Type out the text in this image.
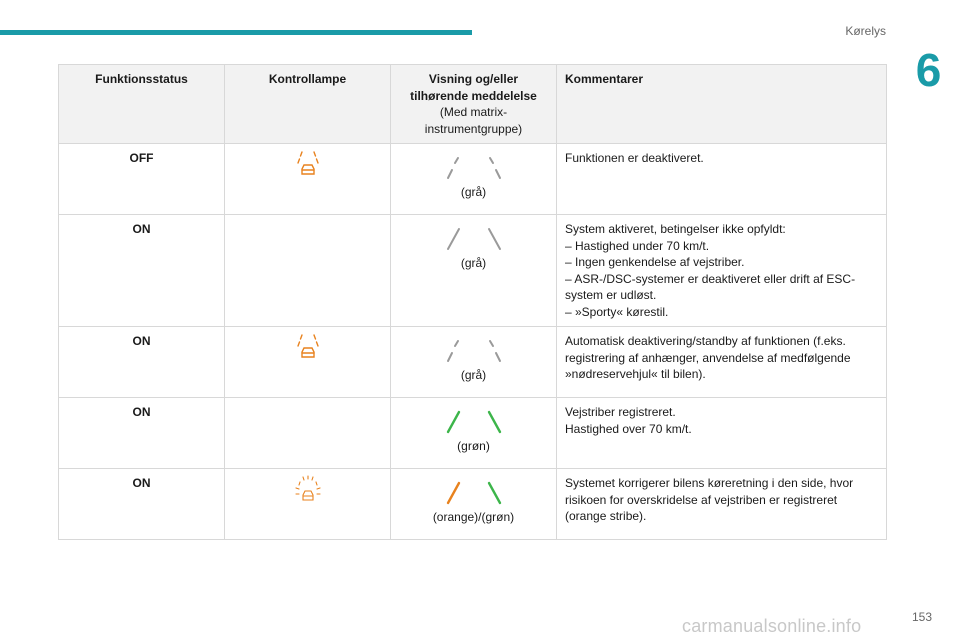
Kørelys
6
Funktionsstatus	Kontrollampe	Visning og/eller tilhørende meddelelse
(Med matrix-instrumentgruppe)	Kommentarer
OFF		(grå)	Funktionen er deaktiveret.
ON		(grå)	System aktiveret, betingelser ikke opfyldt:
– Hastighed under 70 km/t.
– Ingen genkendelse af vejstriber.
– ASR-/DSC-systemer er deaktiveret eller drift af ESC-system er udløst.
– »Sporty« kørestil.
ON		(grå)	Automatisk deaktivering/standby af funktionen (f.eks. registrering af anhænger, anvendelse af medfølgende »nødreservehjul« til bilen).
ON		(grøn)	Vejstriber registreret.
Hastighed over 70 km/t.
ON		(orange)/(grøn)	Systemet korrigerer bilens køreretning i den side, hvor risikoen for overskridelse af vejstriben er registreret (orange stribe).
153
carmanualsonline.info
